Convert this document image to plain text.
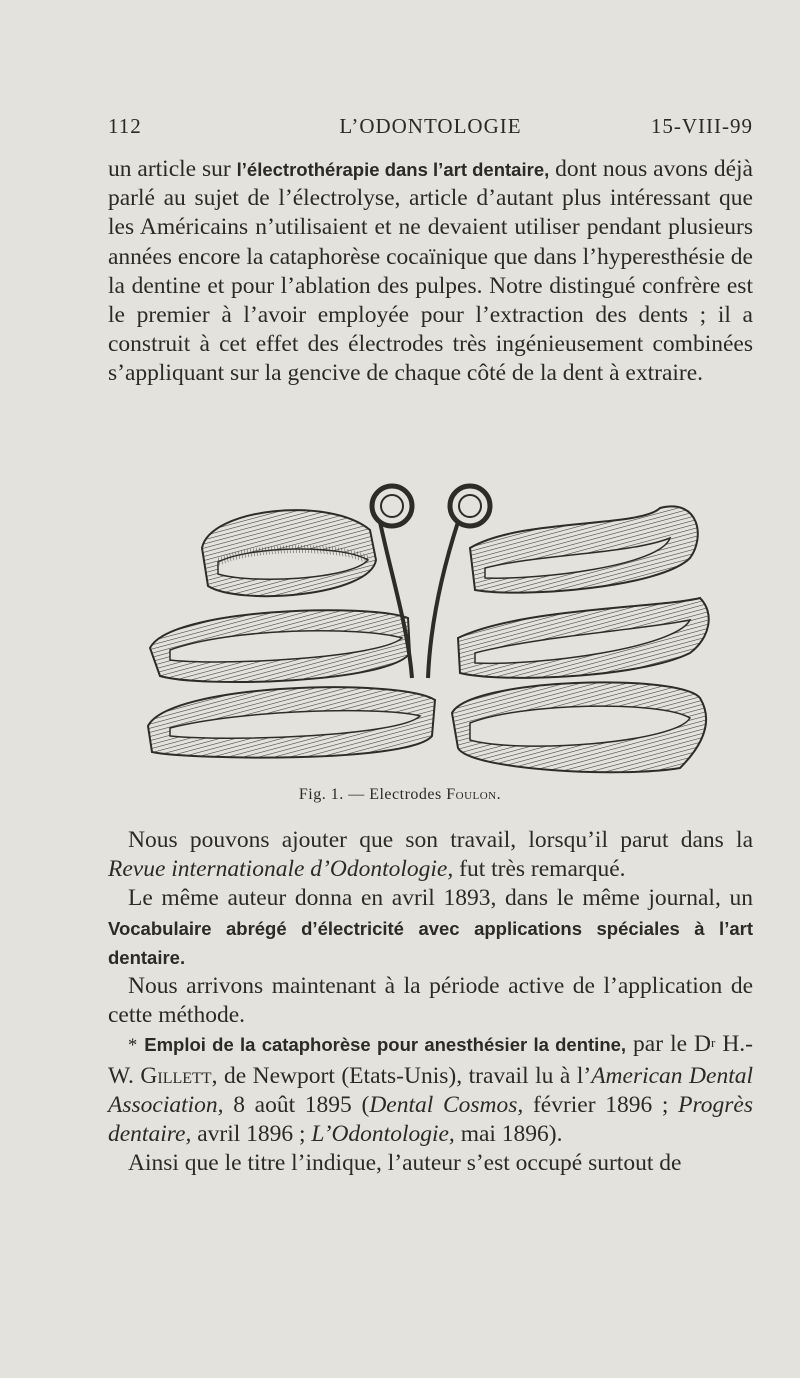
112	L’ODONTOLOGIE	15-VIII-99

un article sur l’électrothérapie dans l’art dentaire, dont nous avons déjà parlé au sujet de l’électrolyse, article d’autant plus intéressant que les Américains n’utilisaient et ne devaient utiliser pendant plusieurs années encore la cataphorèse cocaïnique que dans l’hyperesthésie de la dentine et pour l’ablation des pulpes. Notre distingué confrère est le premier à l’avoir employée pour l’extraction des dents ; il a construit à cet effet des électrodes très ingénieusement combinées s’appliquant sur la gencive de chaque côté de la dent à extraire.

Fig. 1. — Electrodes Foulon.

Nous pouvons ajouter que son travail, lorsqu’il parut dans la Revue internationale d’Odontologie, fut très remarqué.

Le même auteur donna en avril 1893, dans le même journal, un Vocabulaire abrégé d’électricité avec applications spéciales à l’art dentaire.

Nous arrivons maintenant à la période active de l’application de cette méthode.

* Emploi de la cataphorèse pour anesthésier la dentine, par le $D^r$ H.-W. Gillett, de Newport (Etats-Unis), travail lu à l’American Dental Association, 8 août 1895 (Dental Cosmos, février 1896 ; Progrès dentaire, avril 1896 ; L’Odontologie, mai 1896).

Ainsi que le titre l’indique, l’auteur s’est occupé surtout de
